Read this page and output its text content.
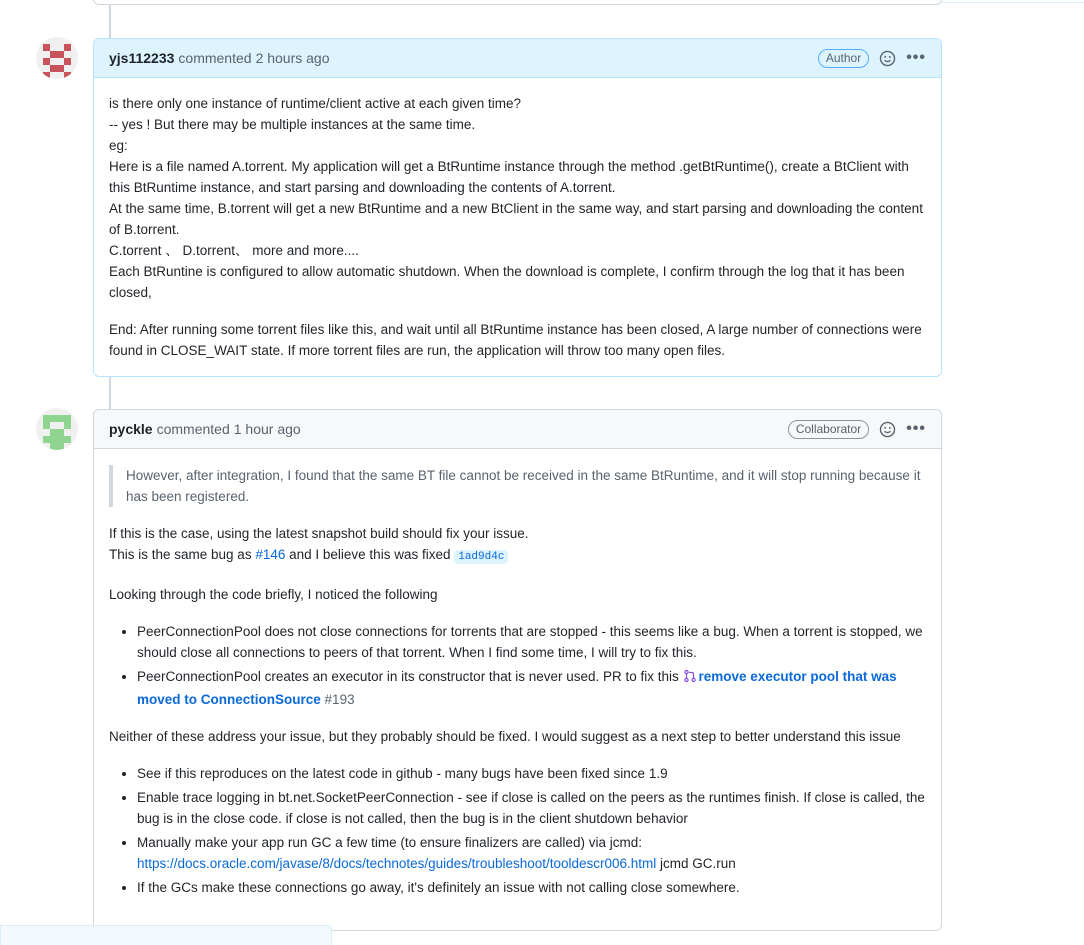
yjs112233 commented 2 hours ago	Author	•••

is there only one instance of runtime/client active at each given time?

-- yes ! But there may be multiple instances at the same time.

eg:

Here is a file named A.torrent. My application will get a BtRuntime instance through the method .getBtRuntime(), create a BtClient with this BtRuntime instance, and start parsing and downloading the contents of A.torrent.

At the same time, B.torrent will get a new BtRuntime and a new BtClient in the same way, and start parsing and downloading the content of B.torrent.

C.torrent 、 D.torrent、 more and more....

Each BtRuntine is configured to allow automatic shutdown. When the download is complete, I confirm through the log that it has been closed,

End: After running some torrent files like this, and wait until all BtRuntime instance has been closed, A large number of connections were found in CLOSE_WAIT state. If more torrent files are run, the application will throw too many open files.

pyckle commented 1 hour ago	Collaborator	•••
However, after integration, I found that the same BT file cannot be received in the same BtRuntime, and it will stop running because it has been registered.

If this is the case, using the latest snapshot build should fix your issue.
This is the same bug as #146 and I believe this was fixed 1ad9d4c

Looking through the code briefly, I noticed the following

• PeerConnectionPool does not close connections for torrents that are stopped - this seems like a bug. When a torrent is stopped, we should close all connections to peers of that torrent. When I find some time, I will try to fix this.
• PeerConnectionPool creates an executor in its constructor that is never used. PR to fix this remove executor pool that was moved to ConnectionSource #193

Neither of these address your issue, but they probably should be fixed. I would suggest as a next step to better understand this issue

• See if this reproduces on the latest code in github - many bugs have been fixed since 1.9
• Enable trace logging in bt.net.SocketPeerConnection - see if close is called on the peers as the runtimes finish. If close is called, the bug is in the close code. if close is not called, then the bug is in the client shutdown behavior
• Manually make your app run GC a few time (to ensure finalizers are called) via jcmd:
https://docs.oracle.com/javase/8/docs/technotes/guides/troubleshoot/tooldescr006.html jcmd GC.run
• If the GCs make these connections go away, it's definitely an issue with not calling close somewhere.
